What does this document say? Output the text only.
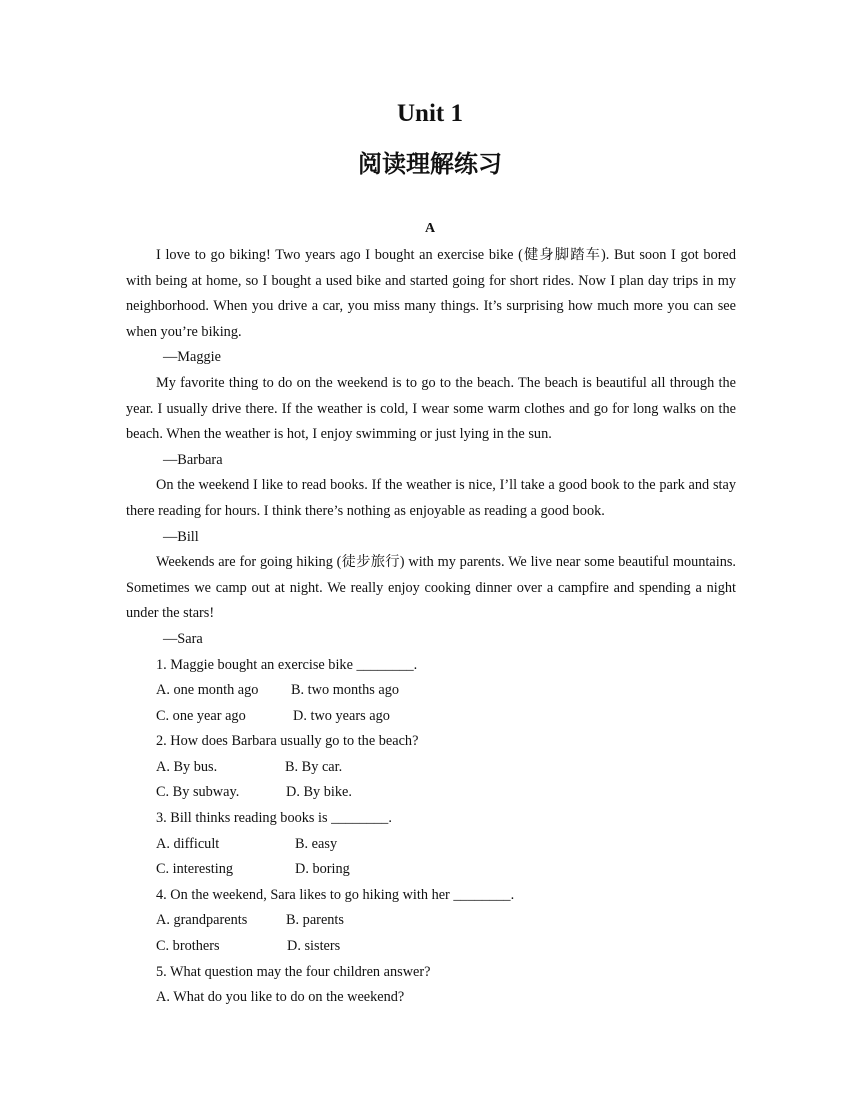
Unit 1
阅读理解练习
A

I love to go biking! Two years ago I bought an exercise bike (健身脚踏车). But soon I got bored with being at home, so I bought a used bike and started going for short rides. Now I plan day trips in my neighborhood. When you drive a car, you miss many things. It’s surprising how much more you can see when you’re biking.

—Maggie

My favorite thing to do on the weekend is to go to the beach. The beach is beautiful all through the year. I usually drive there. If the weather is cold, I wear some warm clothes and go for long walks on the beach. When the weather is hot, I enjoy swimming or just lying in the sun.

—Barbara

On the weekend I like to read books. If the weather is nice, I’ll take a good book to the park and stay there reading for hours. I think there’s nothing as enjoyable as reading a good book.

—Bill

Weekends are for going hiking (徒步旅行) with my parents. We live near some beautiful mountains. Sometimes we camp out at night. We really enjoy cooking dinner over a campfire and spending a night under the stars!

—Sara

1. Maggie bought an exercise bike ________.

A. one month ago B. two months ago

C. one year ago	D. two years ago

2. How does Barbara usually go to the beach?

A. By bus.	B. By car.

C. By subway.	D. By bike.

3. Bill thinks reading books is ________.

A. difficult	B. easy

C. interesting	D. boring

4. On the weekend, Sara likes to go hiking with her ________.

A. grandparents	B. parents

C. brothers	D. sisters

5. What question may the four children answer?

A. What do you like to do on the weekend?
